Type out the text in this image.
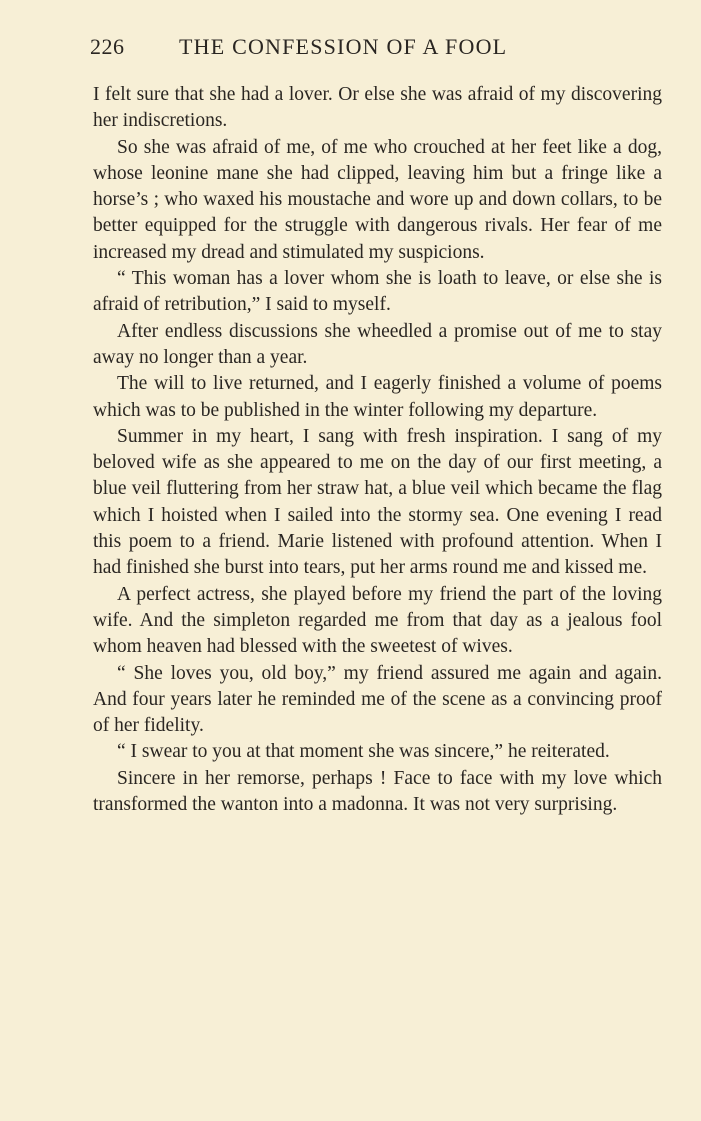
226 THE CONFESSION OF A FOOL

I felt sure that she had a lover. Or else she was afraid of my discovering her indiscretions.

So she was afraid of me, of me who crouched at her feet like a dog, whose leonine mane she had clipped, leaving him but a fringe like a horse’s ; who waxed his moustache and wore up and down collars, to be better equipped for the struggle with dangerous rivals. Her fear of me increased my dread and stimulated my suspicions.

“ This woman has a lover whom she is loath to leave, or else she is afraid of retribution,” I said to myself.

After endless discussions she wheedled a promise out of me to stay away no longer than a year.

The will to live returned, and I eagerly finished a volume of poems which was to be published in the winter following my departure.

Summer in my heart, I sang with fresh inspiration. I sang of my beloved wife as she appeared to me on the day of our first meeting, a blue veil fluttering from her straw hat, a blue veil which became the flag which I hoisted when I sailed into the stormy sea. One evening I read this poem to a friend. Marie listened with profound attention. When I had finished she burst into tears, put her arms round me and kissed me.

A perfect actress, she played before my friend the part of the loving wife. And the simpleton regarded me from that day as a jealous fool whom heaven had blessed with the sweetest of wives.

“ She loves you, old boy,” my friend assured me again and again. And four years later he reminded me of the scene as a convincing proof of her fidelity.

“ I swear to you at that moment she was sincere,” he reiterated.

Sincere in her remorse, perhaps ! Face to face with my love which transformed the wanton into a madonna. It was not very surprising.
